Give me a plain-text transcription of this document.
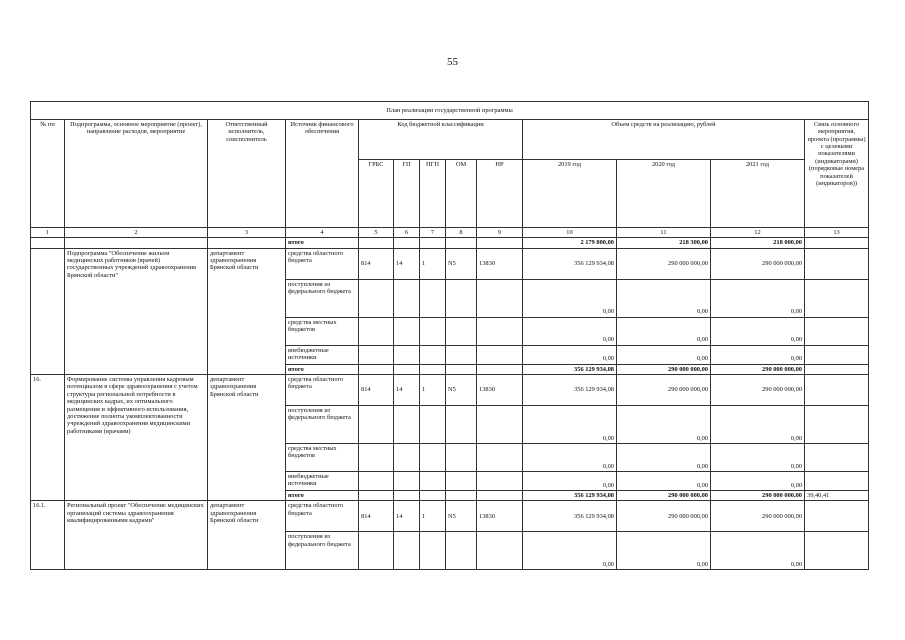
55
План реализации государственной программы												
№ пп	Подпрограмма, основное мероприятие (проект), направление расходов, мероприятие	Ответственный исполнитель, соисполнитель	Источник финансового обеспечения	Код бюджетной классификации					Объем средств на реализацию, рублей			Связь основного мероприятия, проекта (программы) с целевыми показателями (индикаторами) (порядковые номера показателей (индикаторов))
				ГРБС	ГП	ПГП	ОМ	НР	2019 год	2020 год	2021 год	
1	2	3	4	5	6	7	8	9	10	11	12	13
			итого						2 179 800,00	218 300,00	218 000,00	
	Подпрограмма "Обеспечение жильем медицинских работников (врачей) государственных учреждений здравоохранения Брянской области"	департамент здравоохранения Брянской области	средства областного бюджета	814	14	1	N5	13830	356 129 934,08	290 000 000,00	290 000 000,00	
			поступления из федерального бюджета						0,00	0,00	0,00	
			средства местных бюджетов						0,00	0,00	0,00	
			внебюджетные источники						0,00	0,00	0,00	
			итого						356 129 934,08	290 000 000,00	290 000 000,00	
16.	Формирование системы управления кадровым потенциалом в сфере здравоохранения с учетом структуры региональной потребности в медицинских кадрах, их оптимального размещения и эффективного использования, достижение полноты укомплектованности учреждений здравоохранения медицинскими работниками (врачами)	департамент здравоохранения Брянской области	средства областного бюджета	814	14	1	N5	13830	356 129 934,08	290 000 000,00	290 000 000,00	
			поступления из федерального бюджета						0,00	0,00	0,00	
			средства местных бюджетов						0,00	0,00	0,00	
			внебюджетные источники						0,00	0,00	0,00	
			итого						356 129 934,08	290 000 000,00	290 000 000,00	39,40,41
16.1.	Региональный проект "Обеспечение медицинских организаций системы здравоохранения квалифицированными кадрами"	департамент здравоохранения Брянской области	средства областного бюджета	814	14	1	N5	13830	356 129 934,08	290 000 000,00	290 000 000,00	
			поступления из федерального бюджета						0,00	0,00	0,00	
